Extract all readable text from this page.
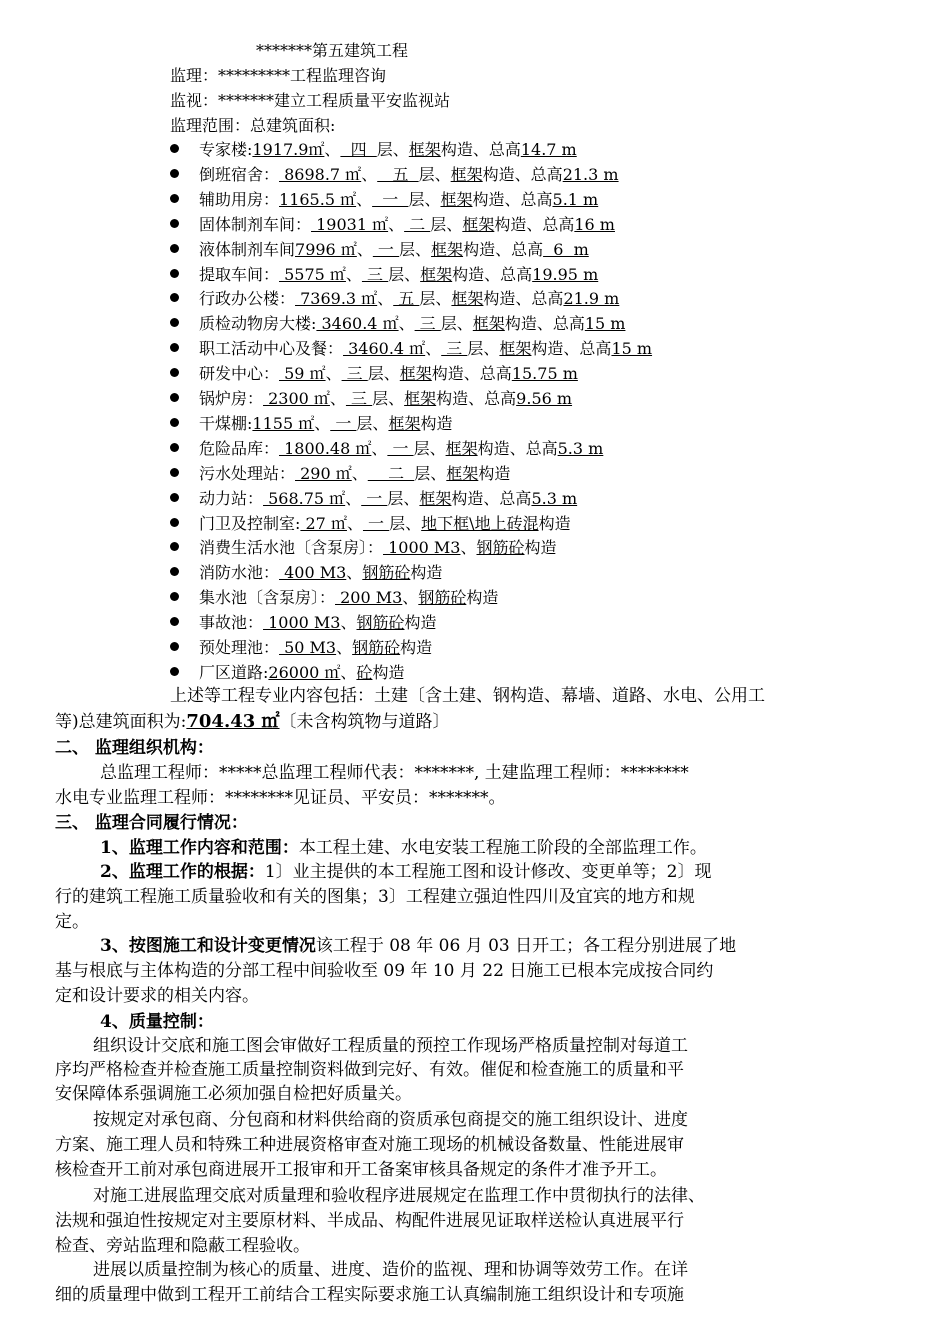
*******第五建筑工程
监理：*********工程监理咨询
监视：*******建立工程质量平安监视站
监理范围：总建筑面积:
专家楼:1917.9㎡、  四  层、框架构造、总高14.7 m
倒班宿舍： 8698.7 ㎡、   五  层、框架构造、总高21.3 m
辅助用房：1165.5 ㎡、  一  层、框架构造、总高5.1 m
固体制剂车间： 19031 ㎡、 二 层、框架构造、总高16 m
液体制剂车间7996 ㎡、 一 层、框架构造、总高  6  m
提取车间： 5575 ㎡、 三 层、框架构造、总高19.95 m
行政办公楼： 7369.3 ㎡、 五 层、框架构造、总高21.9 m
质检动物房大楼: 3460.4 ㎡、 三 层、框架构造、总高15 m
职工活动中心及餐： 3460.4 ㎡、 三 层、框架构造、总高15 m
研发中心： 59 ㎡、 三 层、框架构造、总高15.75 m
锅炉房： 2300 ㎡、 三 层、框架构造、总高9.56 m
干煤棚:1155 ㎡、 一 层、框架构造
危险品库： 1800.48 ㎡、 一 层、框架构造、总高5.3 m
污水处理站： 290 ㎡、    二  层、框架构造
动力站： 568.75 ㎡、 一 层、框架构造、总高5.3 m
门卫及控制室: 27 ㎡、 一 层、地下框\地上砖混构造
消费生活水池〔含泵房〕： 1000 M3、钢筋砼构造
消防水池： 400 M3、钢筋砼构造
集水池〔含泵房〕： 200 M3、钢筋砼构造
事故池： 1000 M3、钢筋砼构造
预处理池： 50 M3、钢筋砼构造
厂区道路:26000 ㎡、砼构造
上述等工程专业内容包括：土建〔含土建、钢构造、幕墙、道路、水电、公用工
等)总建筑面积为:704.43 ㎡〔未含构筑物与道路〕
二、 监理组织机构：
总监理工程师：*****总监理工程师代表：*******, 土建监理工程师：********
水电专业监理工程师：********见证员、平安员：*******。
三、 监理合同履行情况：
1、监理工作内容和范围：本工程土建、水电安装工程施工阶段的全部监理工作。
2、监理工作的根据：1〕业主提供的本工程施工图和设计修改、变更单等；2〕现
行的建筑工程施工质量验收和有关的图集；3〕工程建立强迫性四川及宜宾的地方和规
定。
3、按图施工和设计变更情况该工程于 08 年 06 月 03 日开工；各工程分别进展了地
基与根底与主体构造的分部工程中间验收至 09 年 10 月 22 日施工已根本完成按合同约
定和设计要求的相关内容。
4、质量控制：
组织设计交底和施工图会审做好工程质量的预控工作现场严格质量控制对每道工
序均严格检查并检查施工质量控制资料做到完好、有效。催促和检查施工的质量和平
安保障体系强调施工必须加强自检把好质量关。
按规定对承包商、分包商和材料供给商的资质承包商提交的施工组织设计、进度
方案、施工理人员和特殊工种进展资格审查对施工现场的机械设备数量、性能进展审
核检查开工前对承包商进展开工报审和开工备案审核具备规定的条件才准予开工。
对施工进展监理交底对质量理和验收程序进展规定在监理工作中贯彻执行的法律、
法规和强迫性按规定对主要原材料、半成品、构配件进展见证取样送检认真进展平行
检查、旁站监理和隐蔽工程验收。
进展以质量控制为核心的质量、进度、造价的监视、理和协调等效劳工作。在详
细的质量理中做到工程开工前结合工程实际要求施工认真编制施工组织设计和专项施
